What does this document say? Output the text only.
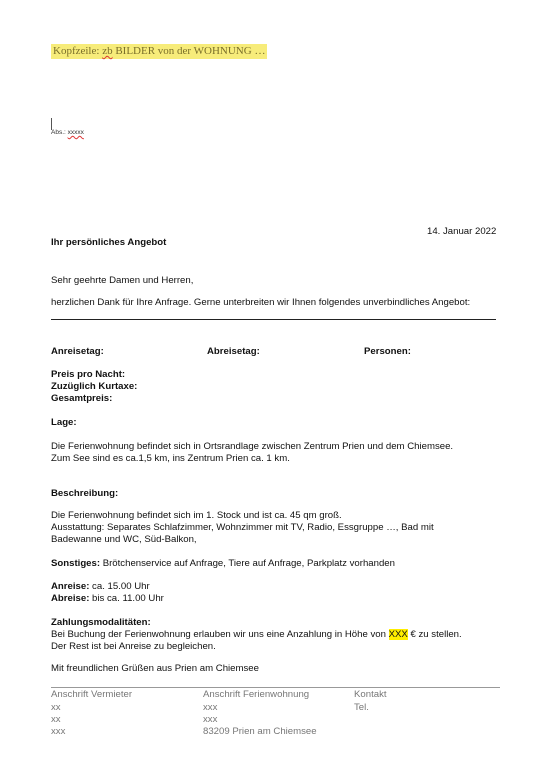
Kopfzeile: zb BILDER von der WOHNUNG …
Abs.: xxxxx
14. Januar 2022
Ihr persönliches Angebot
Sehr geehrte Damen und Herren,
herzlichen Dank für Ihre Anfrage. Gerne unterbreiten wir Ihnen folgendes unverbindliches Angebot:
Anreisetag:	Abreisetag:	Personen:
Preis pro Nacht:
Zuzüglich Kurtaxe:
Gesamtpreis:
Lage:
Die Ferienwohnung befindet sich in Ortsrandlage zwischen Zentrum Prien und dem Chiemsee.
Zum See sind es ca.1,5 km, ins Zentrum Prien ca. 1 km.
Beschreibung:
Die Ferienwohnung befindet sich im 1. Stock und ist ca. 45 qm groß.
Ausstattung: Separates Schlafzimmer, Wohnzimmer mit TV, Radio, Essgruppe …, Bad mit
Badewanne und WC, Süd-Balkon,
Sonstiges: Brötchenservice auf Anfrage, Tiere auf Anfrage, Parkplatz vorhanden
Anreise: ca. 15.00 Uhr
Abreise: bis ca. 11.00 Uhr
Zahlungsmodalitäten:
Bei Buchung der Ferienwohnung erlauben wir uns eine Anzahlung in Höhe von XXX € zu stellen.
Der Rest ist bei Anreise zu begleichen.
Mit freundlichen Grüßen aus Prien am Chiemsee
Anschrift Vermieter
xx
xx
xxx
Anschrift Ferienwohnung
xxx
xxx
83209 Prien am Chiemsee
Kontakt
Tel.
